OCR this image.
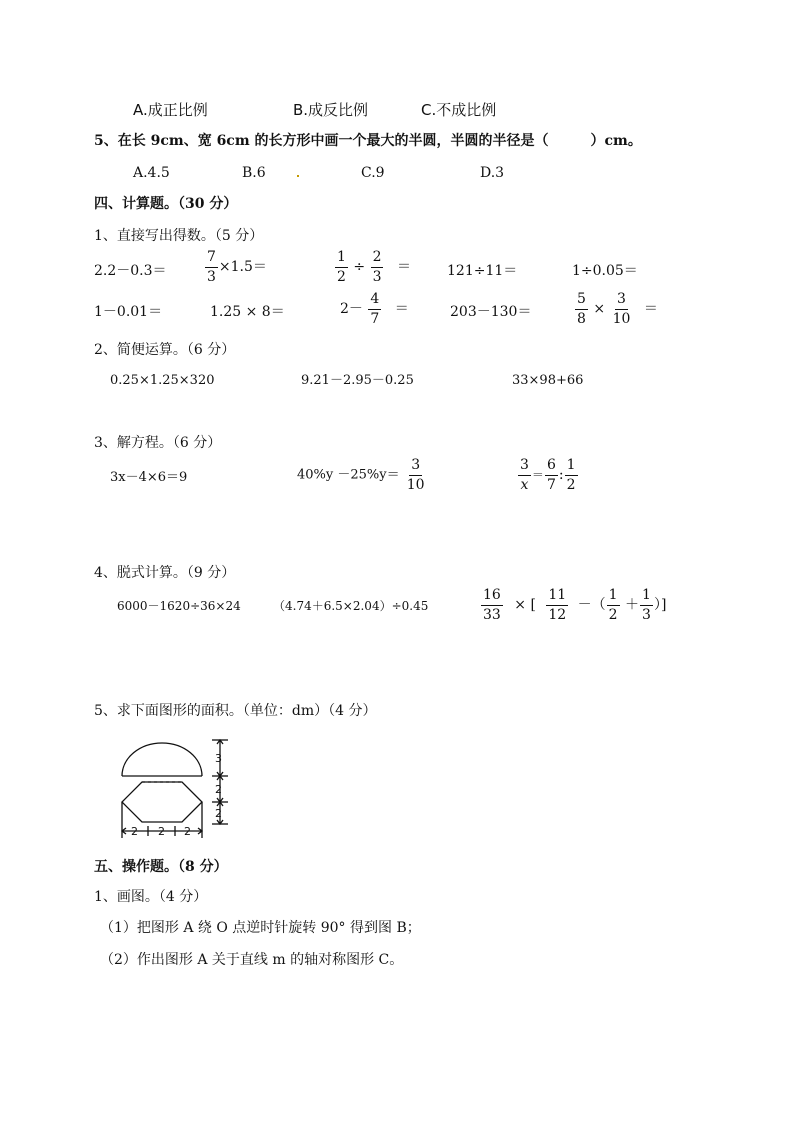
A.成正比例	B.成反比例	C.不成比例
5、在长 9cm、宽 6cm 的长方形中画一个最大的半圆，半圆的半径是（　　　）cm。
A.4.5	B.6	C.9	D.3
四、计算题。（30 分）
1、直接写出得数。（5 分）
2.2－0.3＝	$\frac{7}{3} \times 1.5=$	$\frac{1}{2} \div \frac{2}{3}$ ＝	121÷11＝	1÷0.05＝
1－0.01＝	1.25 × 8＝	$2- \frac{4}{7}$ ＝	203－130＝	$\frac{5}{8} \times \frac{3}{10}$ ＝
2、简便运算。（6 分）
0.25×1.25×320	9.21－2.95－0.25	33×98+66
3、解方程。（6 分）
3x－4×6＝9	$40\%y -25\%y= \frac{3}{10}$	$\frac{3}{x} = \frac{6}{7}$ : $\frac{1}{2}$
4、脱式计算。（9 分）
6000－1620÷36×24	（4.74＋6.5×2.04）÷0.45	$\frac{16}{33}$ × [ $\frac{11}{12}$ －（ $\frac{1}{2} + \frac{1}{3}$ ）]
5、求下面图形的面积。（单位：dm）（4 分）
3
2
2
2 2 2
五、操作题。（8 分）
1、画图。（4 分）
（1）把图形 A 绕 O 点逆时针旋转 90° 得到图 B；
（2）作出图形 A 关于直线 m 的轴对称图形 C。
